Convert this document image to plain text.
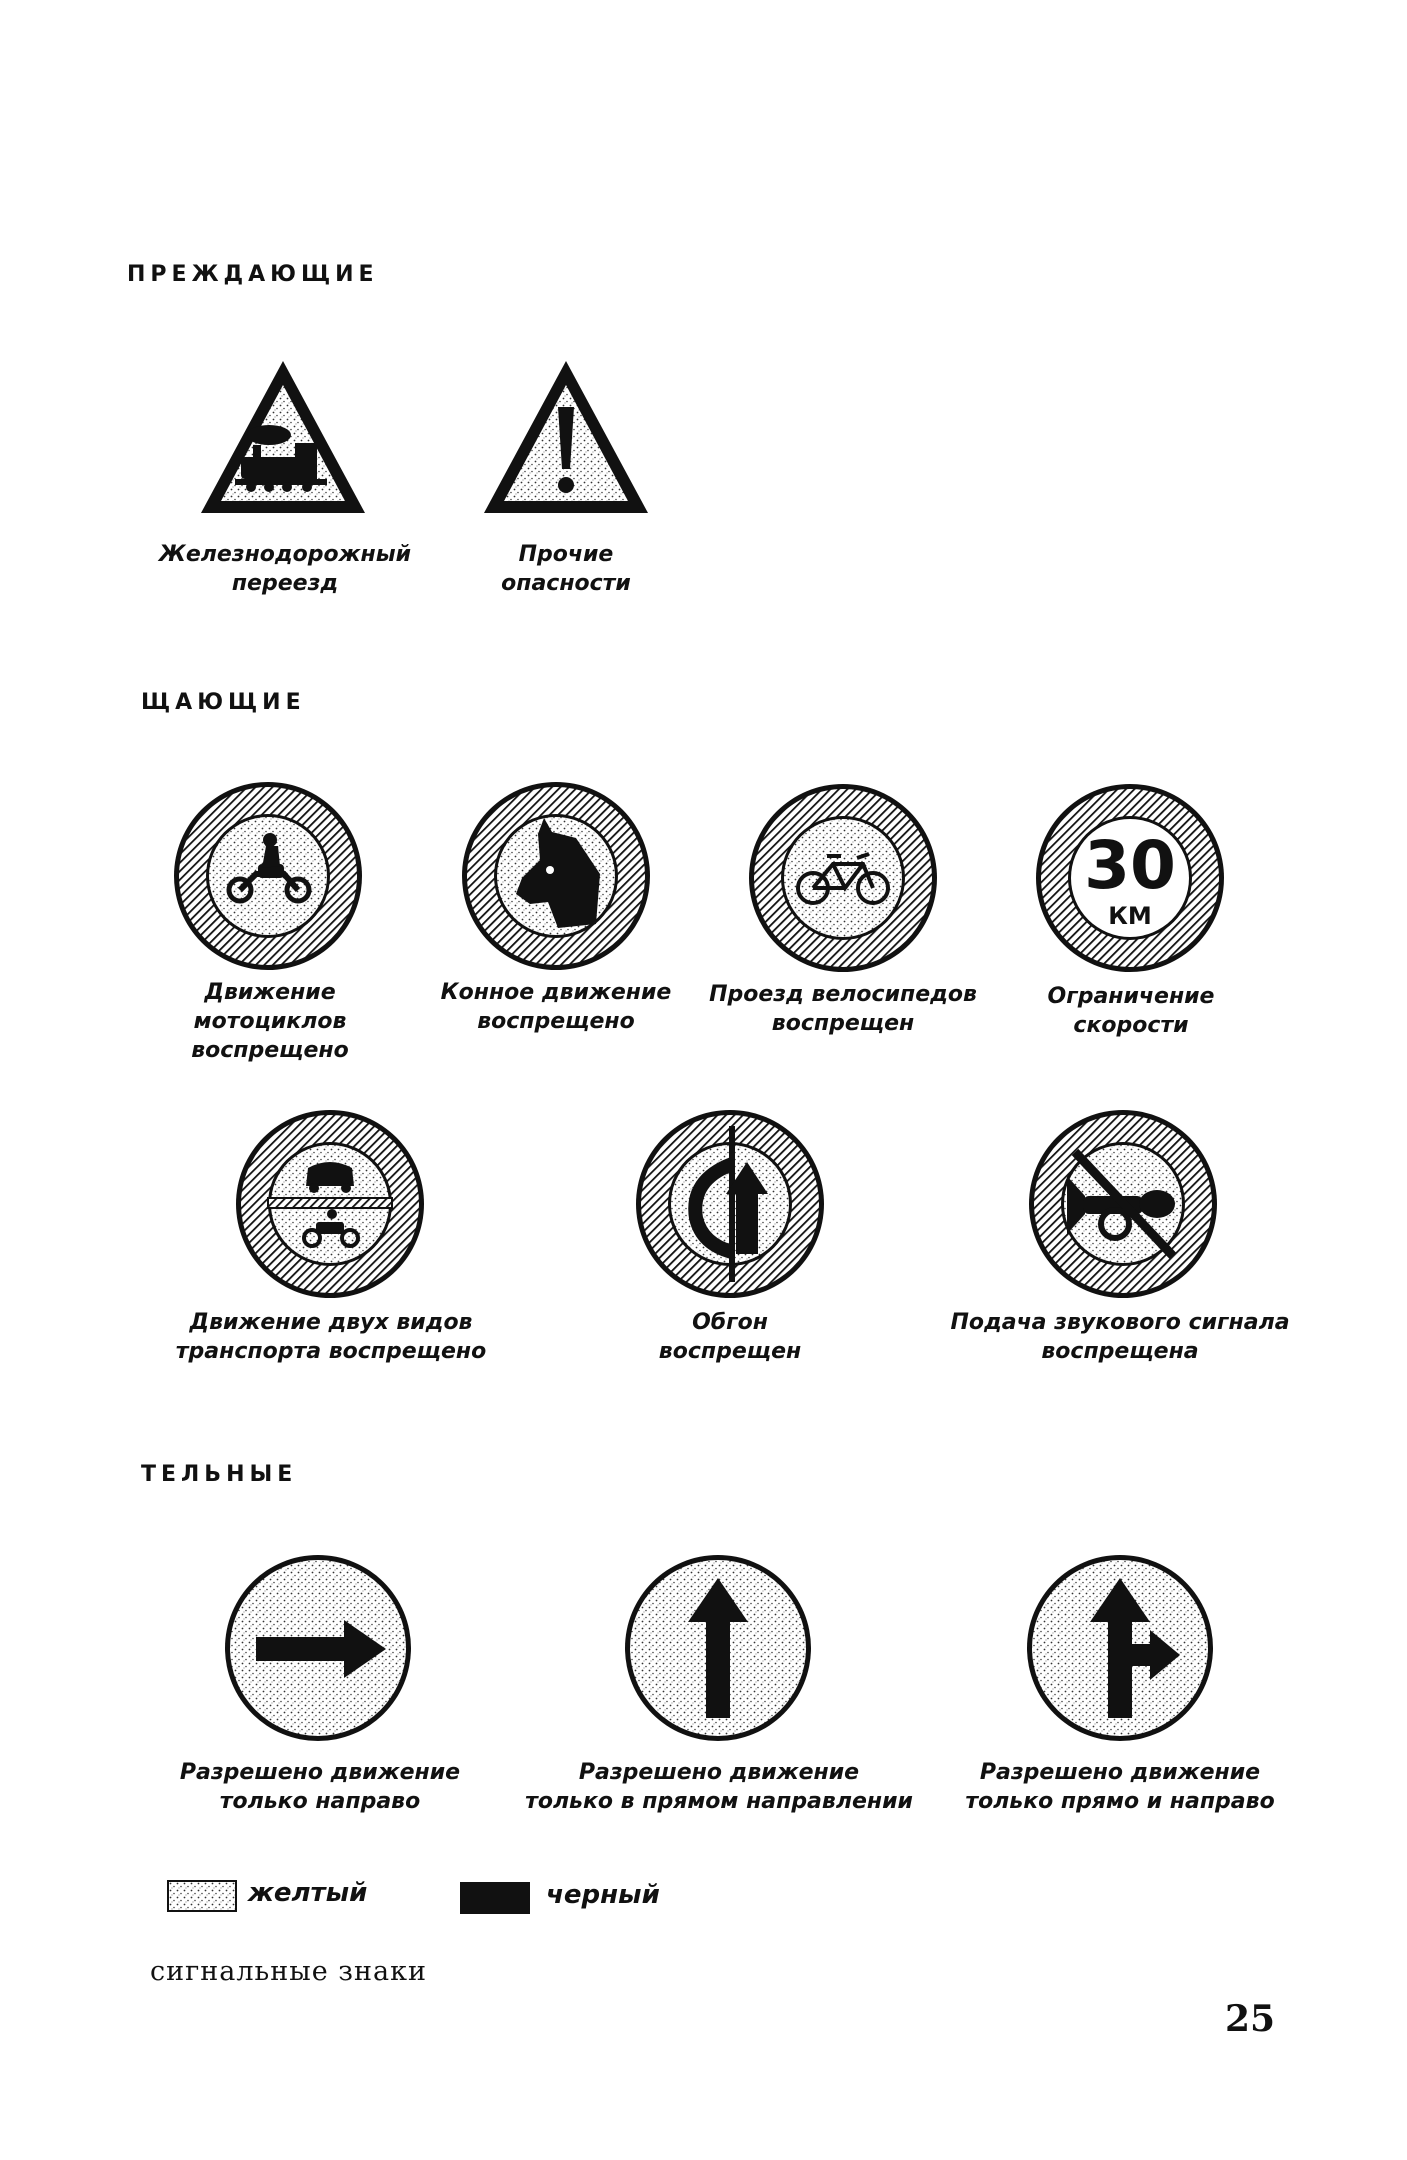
ПРЕЖДАЮЩИЕ
Железнодорожный
переезд
Прочие
опасности
ЩАЮЩИЕ
Движение
мотоциклов
воспрещено
Конное движение
воспрещено
Проезд велосипедов
воспрещен
30
КМ
Ограничение
скорости
Движение двух видов
транспорта воспрещено
Обгон
воспрещен
Подача звукового сигнала
воспрещена
ТЕЛЬНЫЕ
Разрешено движение
только направо
Разрешено движение
только в прямом направлении
Разрешено движение
только прямо и направо
желтый	черный
сигнальные знаки
25
